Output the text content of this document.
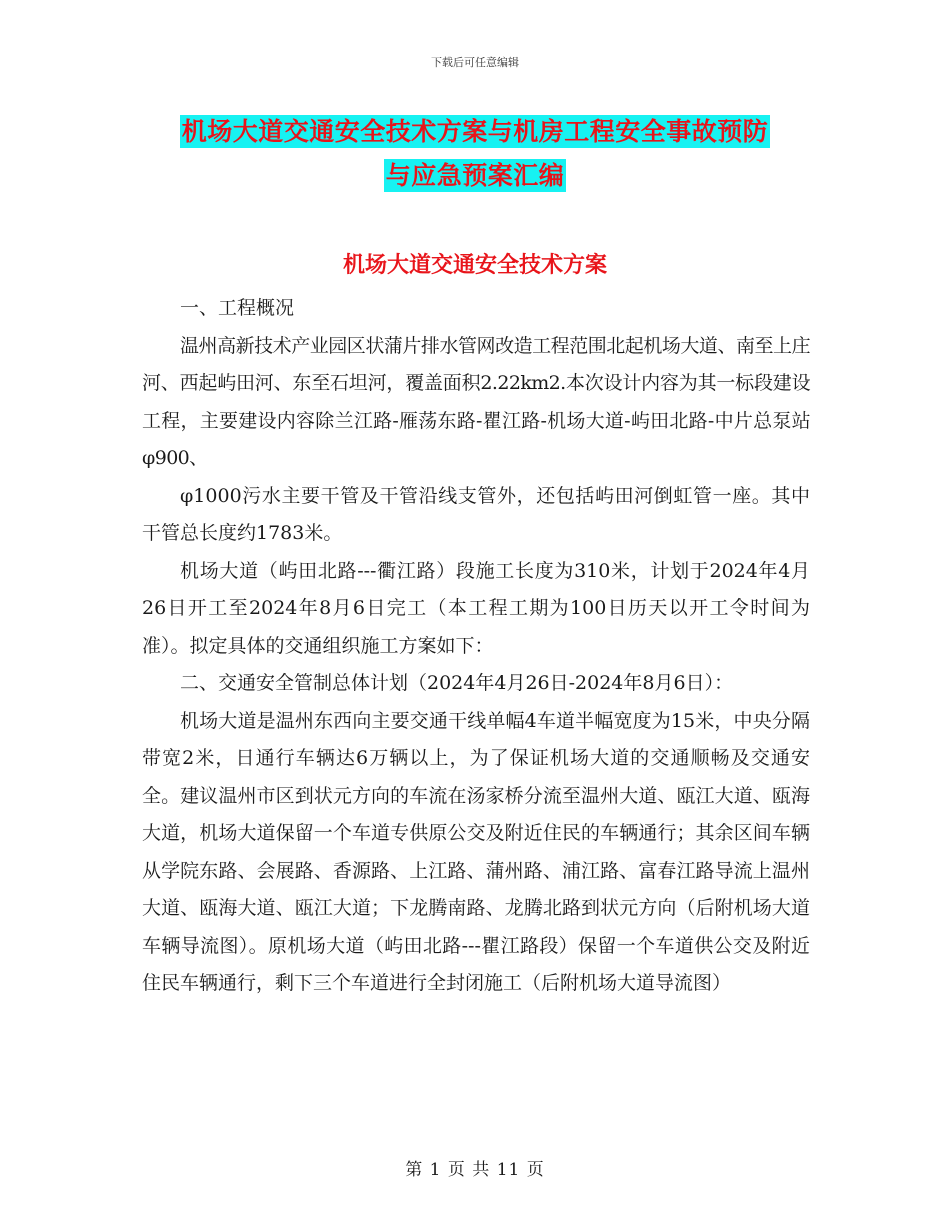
下载后可任意编辑
机场大道交通安全技术方案与机房工程安全事故预防
与应急预案汇编
机场大道交通安全技术方案

一、工程概况

温州高新技术产业园区状蒲片排水管网改造工程范围北起机场大道、南至上庄河、西起屿田河、东至石坦河，覆盖面积2.22km2.本次设计内容为其一标段建设工程，主要建设内容除兰江路-雁荡东路-瞿江路-机场大道-屿田北路-中片总泵站φ900、

φ1000污水主要干管及干管沿线支管外，还包括屿田河倒虹管一座。其中干管总长度约1783米。

机场大道（屿田北路---衢江路）段施工长度为310米，计划于2024年4月26日开工至2024年8月6日完工（本工程工期为100日历天以开工令时间为准）。拟定具体的交通组织施工方案如下：

二、交通安全管制总体计划（2024年4月26日-2024年8月6日）：

机场大道是温州东西向主要交通干线单幅4车道半幅宽度为15米，中央分隔带宽2米，日通行车辆达6万辆以上，为了保证机场大道的交通顺畅及交通安全。建议温州市区到状元方向的车流在汤家桥分流至温州大道、瓯江大道、瓯海大道，机场大道保留一个车道专供原公交及附近住民的车辆通行；其余区间车辆从学院东路、会展路、香源路、上江路、蒲州路、浦江路、富春江路导流上温州大道、瓯海大道、瓯江大道；下龙腾南路、龙腾北路到状元方向（后附机场大道车辆导流图）。原机场大道（屿田北路---瞿江路段）保留一个车道供公交及附近住民车辆通行，剩下三个车道进行全封闭施工（后附机场大道导流图）

第 1 页 共 11 页
